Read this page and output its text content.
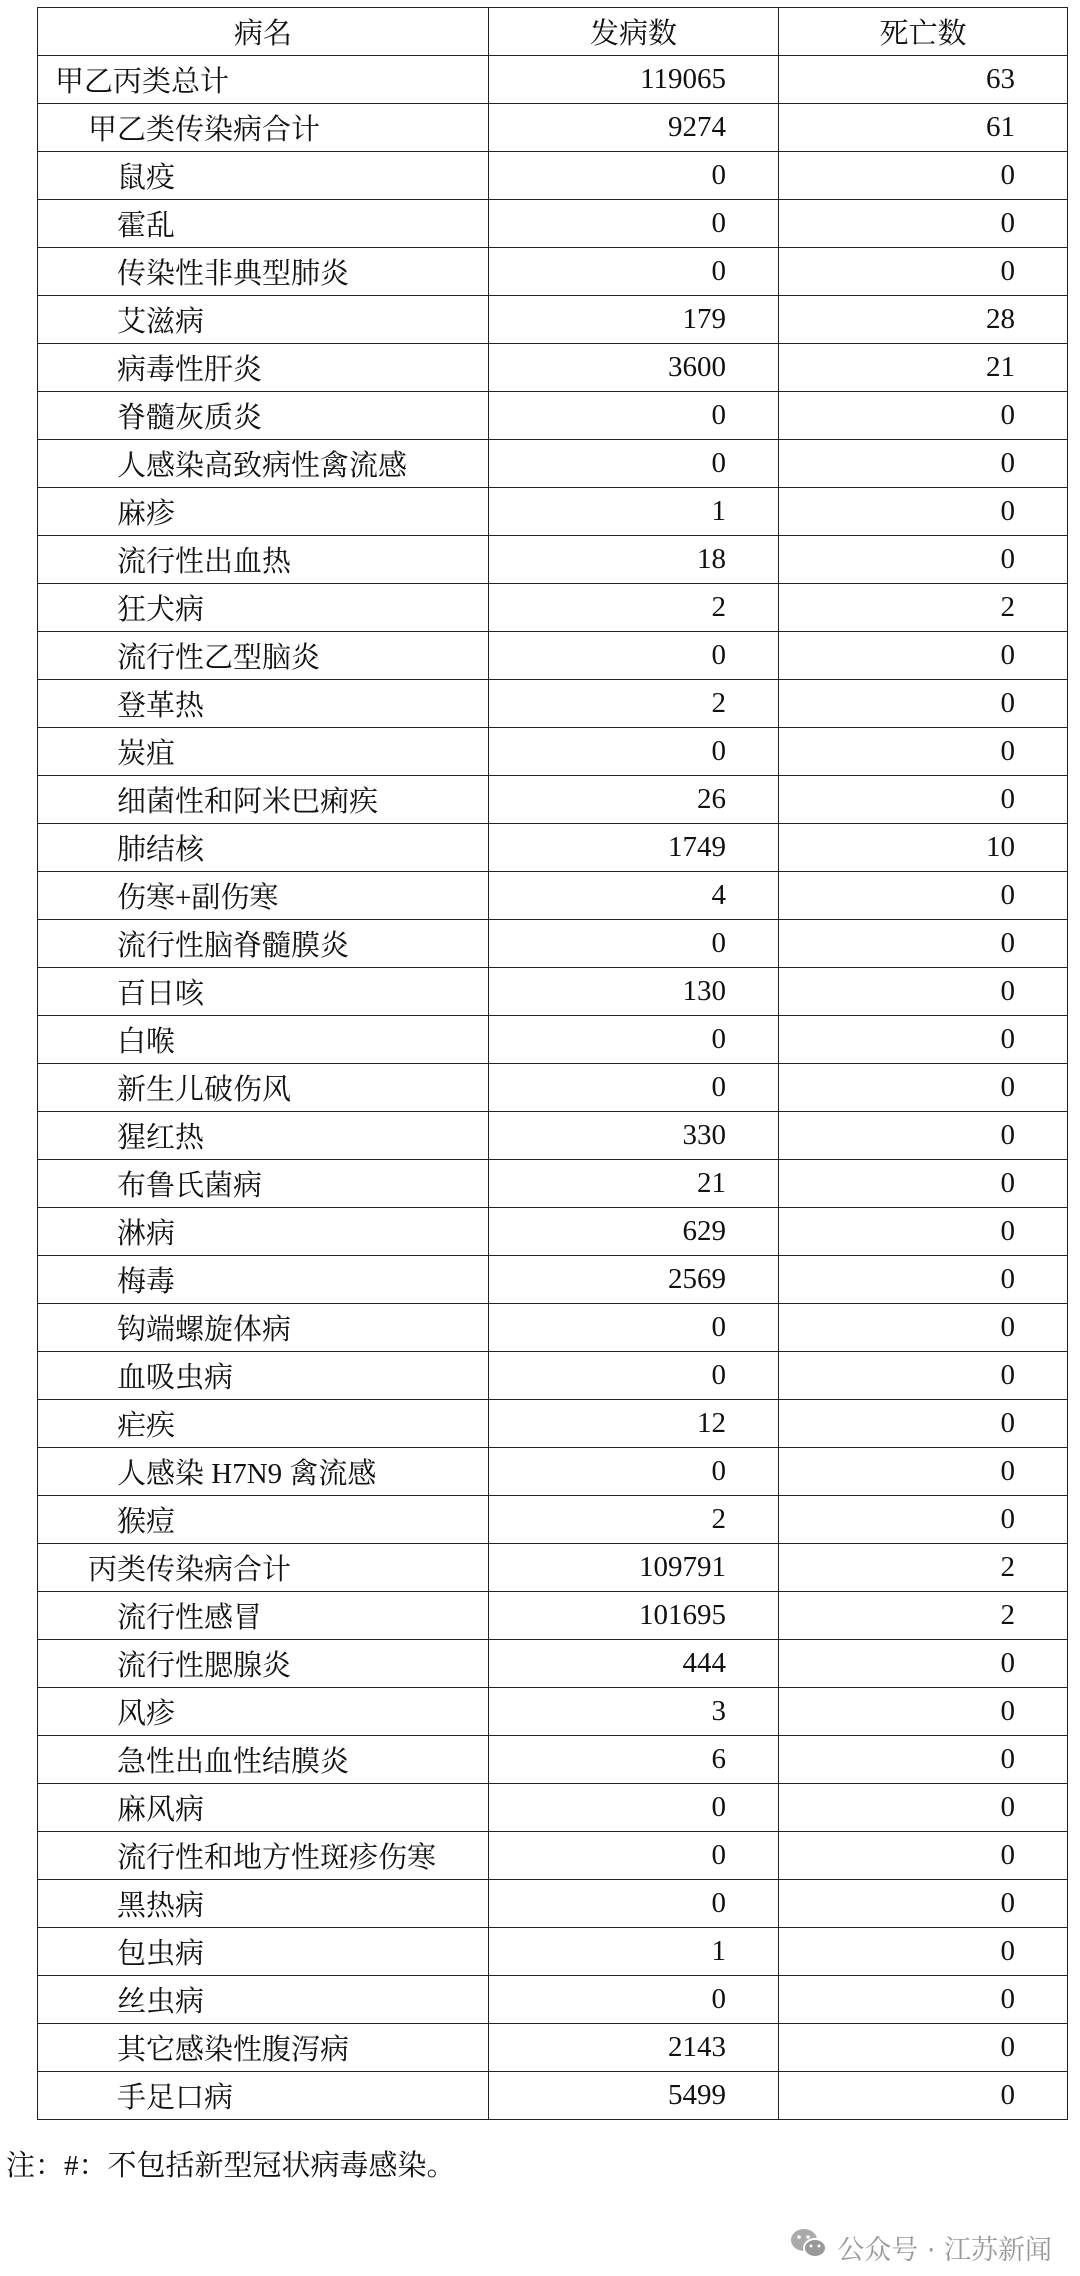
病名	发病数	死亡数
甲乙丙类总计	119065	63
甲乙类传染病合计	9274	61
鼠疫	0	0
霍乱	0	0
传染性非典型肺炎	0	0
艾滋病	179	28
病毒性肝炎	3600	21
脊髓灰质炎	0	0
人感染高致病性禽流感	0	0
麻疹	1	0
流行性出血热	18	0
狂犬病	2	2
流行性乙型脑炎	0	0
登革热	2	0
炭疽	0	0
细菌性和阿米巴痢疾	26	0
肺结核	1749	10
伤寒+副伤寒	4	0
流行性脑脊髓膜炎	0	0
百日咳	130	0
白喉	0	0
新生儿破伤风	0	0
猩红热	330	0
布鲁氏菌病	21	0
淋病	629	0
梅毒	2569	0
钩端螺旋体病	0	0
血吸虫病	0	0
疟疾	12	0
人感染 H7N9 禽流感	0	0
猴痘	2	0
丙类传染病合计	109791	2
流行性感冒	101695	2
流行性腮腺炎	444	0
风疹	3	0
急性出血性结膜炎	6	0
麻风病	0	0
流行性和地方性斑疹伤寒	0	0
黑热病	0	0
包虫病	1	0
丝虫病	0	0
其它感染性腹泻病	2143	0
手足口病	5499	0
注：#：不包括新型冠状病毒感染。
公众号 · 江苏新闻
